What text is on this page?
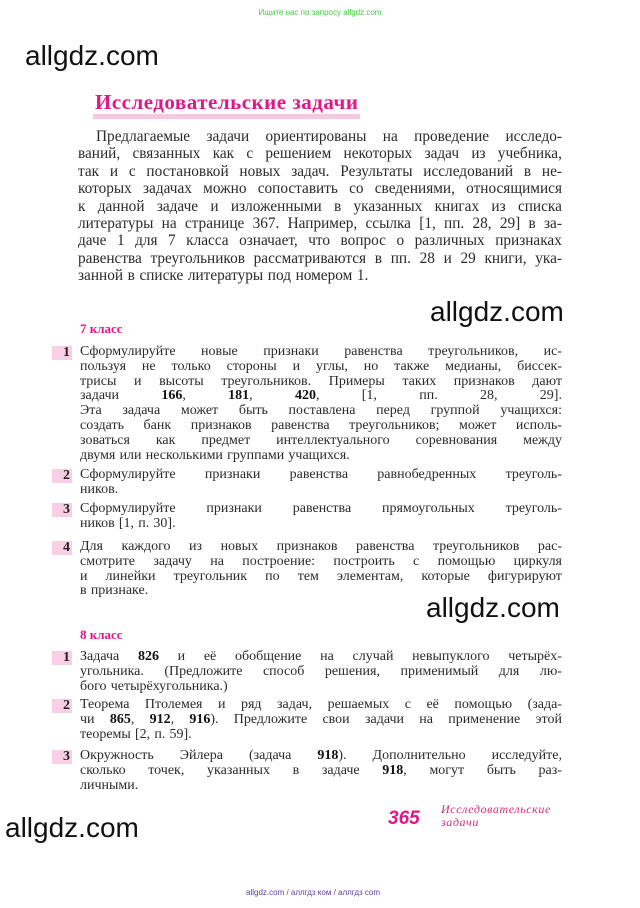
Ищите нас по запросу allgdz.com
allgdz.com
allgdz.com
allgdz.com
allgdz.com
Исследовательские задачи
Предлагаемые задачи ориентированы на проведение исследо-
ваний, связанных как с решением некоторых задач из учебника,
так и с постановкой новых задач. Результаты исследований в не-
которых задачах можно сопоставить со сведениями, относящимися
к данной задаче и изложенными в указанных книгах из списка
литературы на странице 367. Например, ссылка [1, пп. 28, 29] в за-
даче 1 для 7 класса означает, что вопрос о различных признаках
равенства треугольников рассматриваются в пп. 28 и 29 книги, ука-
занной в списке литературы под номером 1.
7 класс
1 Сформулируйте новые признаки равенства треугольников, ис-
пользуя не только стороны и углы, но также медианы, биссек-
трисы и высоты треугольников. Примеры таких признаков дают
задачи	166,	181,	420,	[1,	пп.	28,	29].
Эта задача может быть поставлена перед группой учащихся:
создать банк признаков равенства треугольников; может исполь-
зоваться как предмет интеллектуального соревнования между
двумя или несколькими группами учащихся.
2 Сформулируйте признаки равенства равнобедренных треуголь-
ников.
3 Сформулируйте признаки равенства прямоугольных треуголь-
ников [1, п. 30].
4 Для каждого из новых признаков равенства треугольников рас-
смотрите задачу на построение: построить с помощью циркуля
и линейки треугольник по тем элементам, которые фигурируют
в признаке.
8 класс
1 Задача 826 и её обобщение на случай невыпуклого четырёх-
угольника. (Предложите способ решения, применимый для лю-
бого четырёхугольника.)
2 Теорема Птолемея и ряд задач, решаемых с её помощью (зада-
чи 865, 912, 916). Предложите свои задачи на применение этой
теоремы [2, п. 59].
3 Окружность Эйлера (задача 918). Дополнительно исследуйте,
сколько точек, указанных в задаче 918, могут быть раз-
личными.
365 Исследовательские
задачи
allgdz.com / аллгдз ком / аллгдз com
